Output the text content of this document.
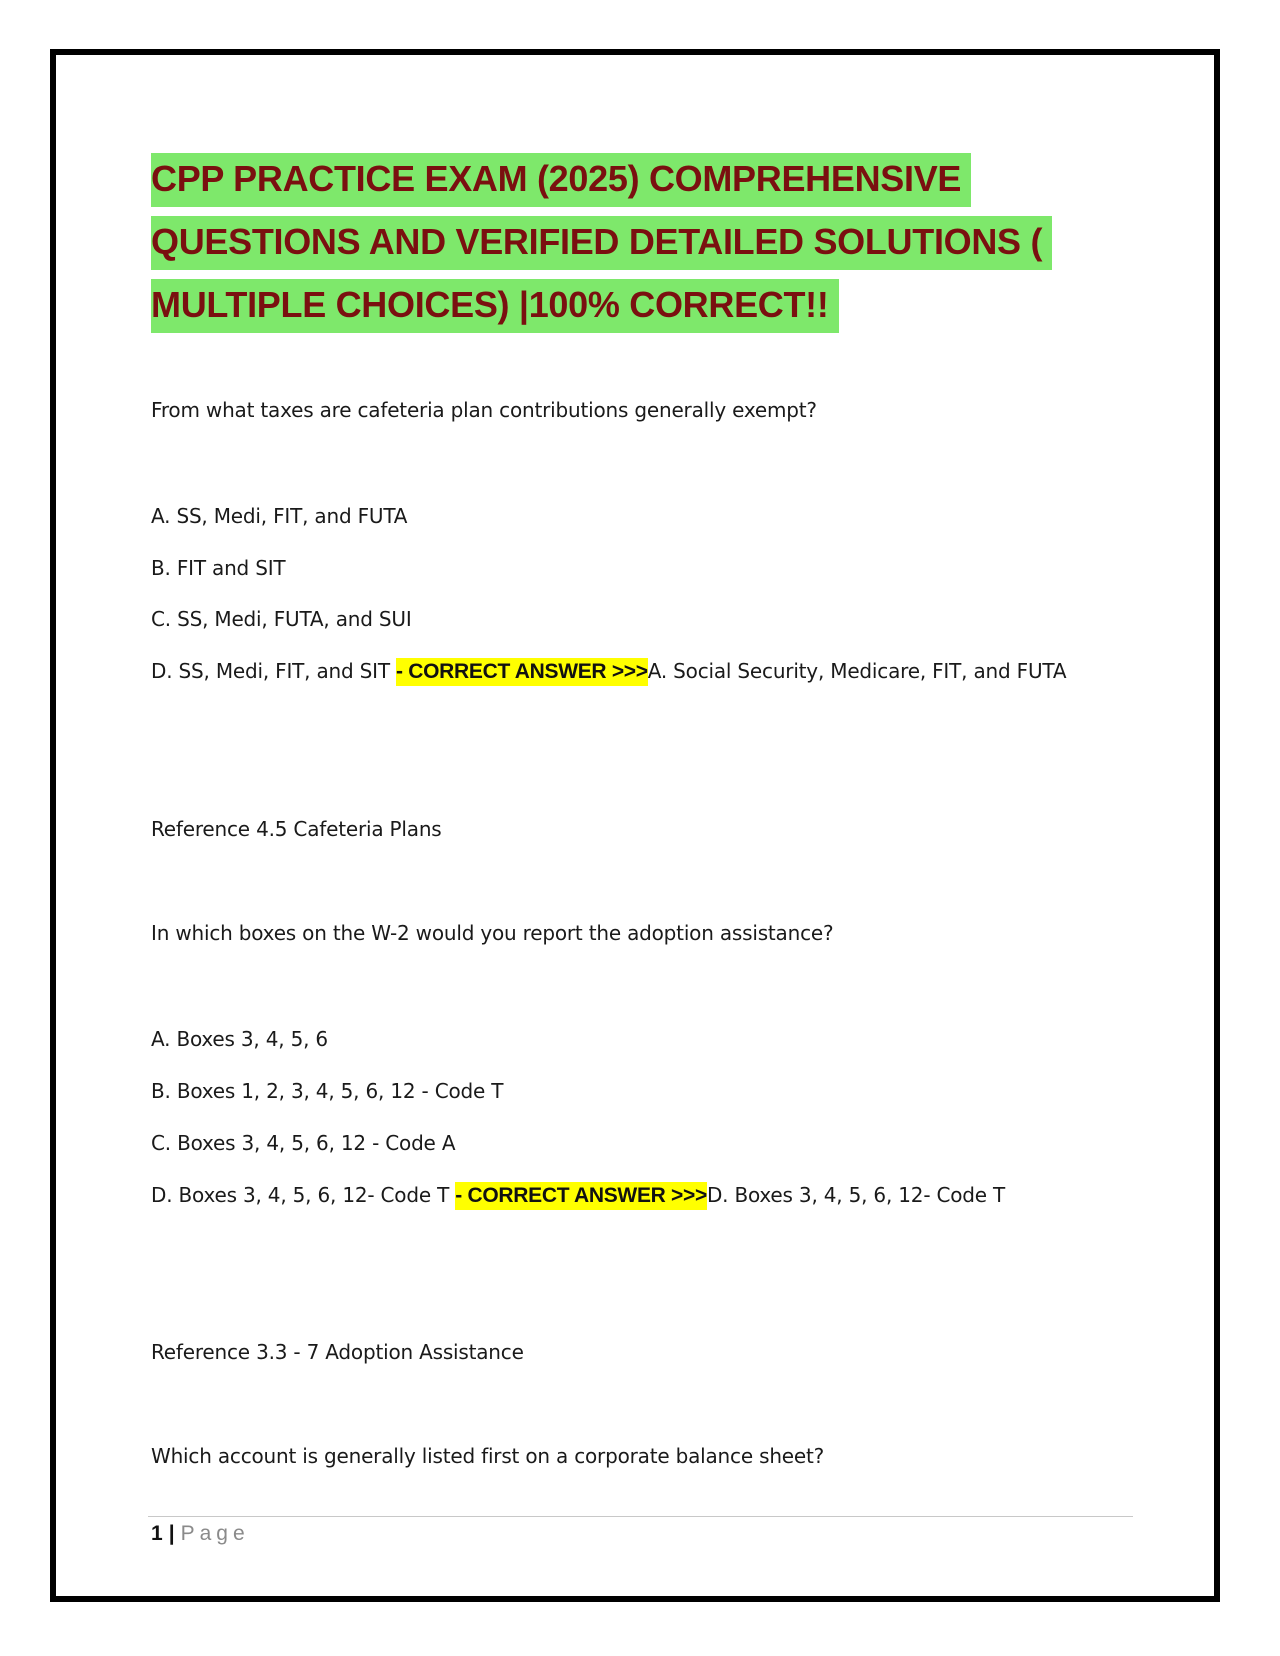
CPP PRACTICE EXAM (2025) COMPREHENSIVE
QUESTIONS AND VERIFIED DETAILED SOLUTIONS (
MULTIPLE CHOICES) |100% CORRECT!!
From what taxes are cafeteria plan contributions generally exempt?
A. SS, Medi, FIT, and FUTA
B. FIT and SIT
C. SS, Medi, FUTA, and SUI
D. SS, Medi, FIT, and SIT - CORRECT ANSWER >>>A. Social Security, Medicare, FIT, and FUTA
Reference 4.5 Cafeteria Plans
In which boxes on the W-2 would you report the adoption assistance?
A. Boxes 3, 4, 5, 6
B. Boxes 1, 2, 3, 4, 5, 6, 12 - Code T
C. Boxes 3, 4, 5, 6, 12 - Code A
D. Boxes 3, 4, 5, 6, 12- Code T - CORRECT ANSWER >>>D. Boxes 3, 4, 5, 6, 12- Code T
Reference 3.3 - 7 Adoption Assistance
Which account is generally listed first on a corporate balance sheet?
1 | Page
